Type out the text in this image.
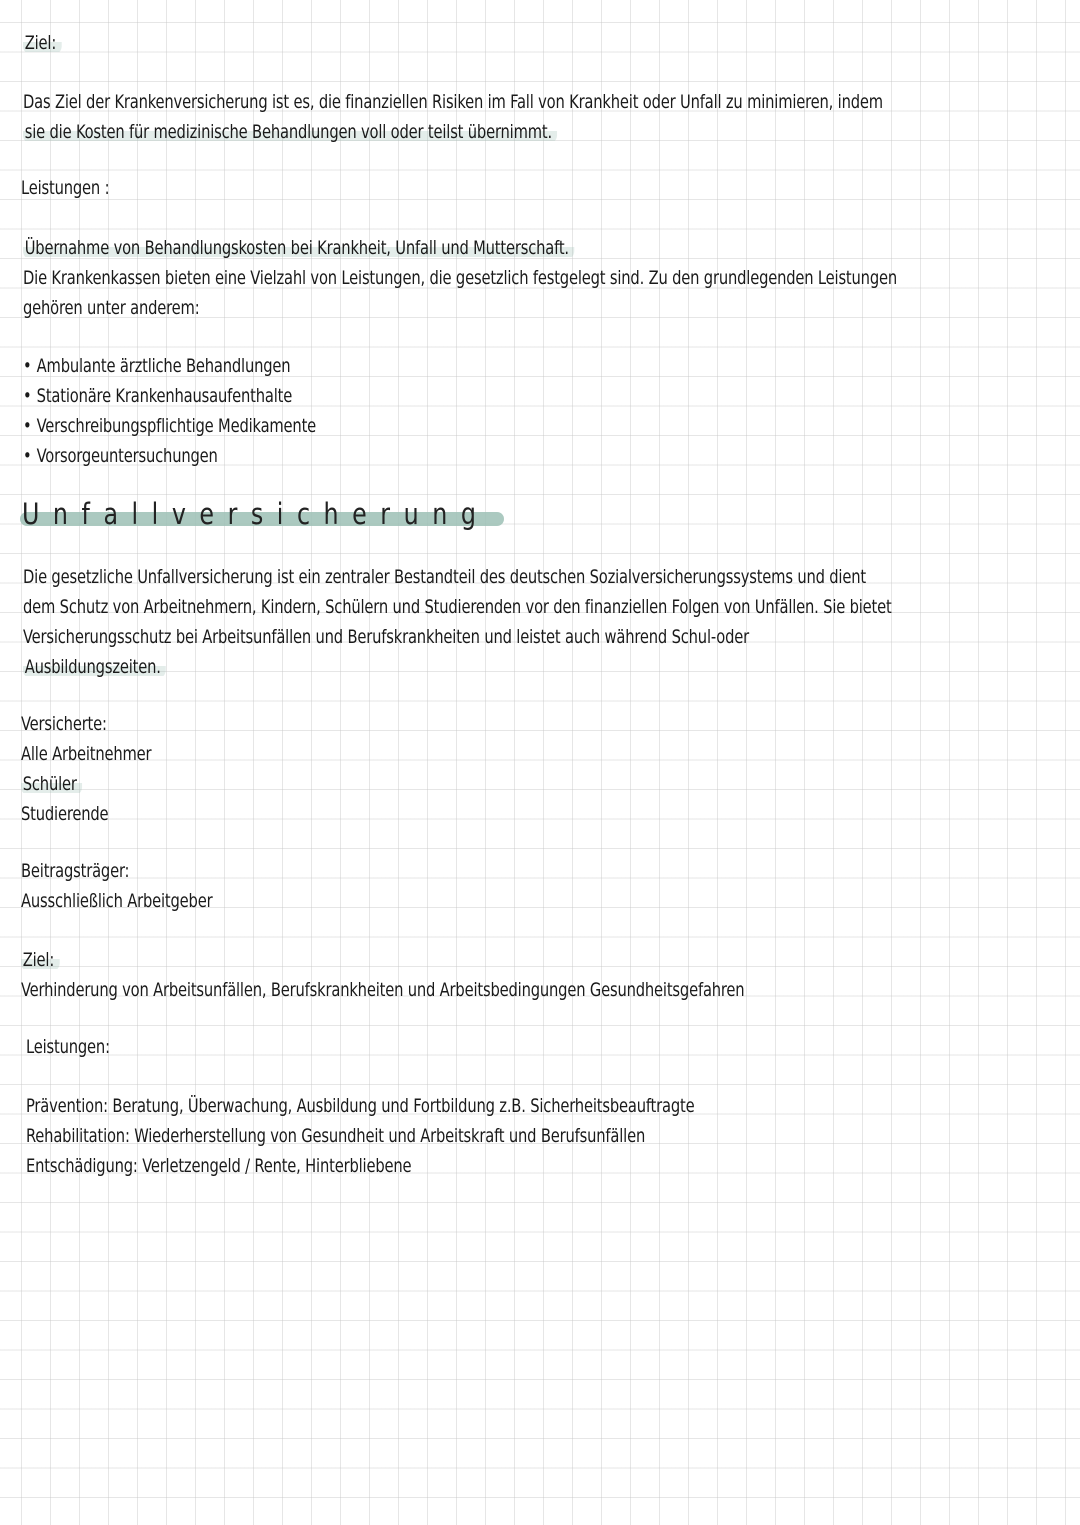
Ziel:
Das Ziel der Krankenversicherung ist es, die finanziellen Risiken im Fall von Krankheit oder Unfall zu minimieren, indem
sie die Kosten für medizinische Behandlungen voll oder teilst übernimmt.
Leistungen :
Übernahme von Behandlungskosten bei Krankheit, Unfall und Mutterschaft.
Die Krankenkassen bieten eine Vielzahl von Leistungen, die gesetzlich festgelegt sind. Zu den grundlegenden Leistungen
gehören unter anderem:
• Ambulante ärztliche Behandlungen
• Stationäre Krankenhausaufenthalte
• Verschreibungspflichtige Medikamente
• Vorsorgeuntersuchungen
Unfallversicherung
Die gesetzliche Unfallversicherung ist ein zentraler Bestandteil des deutschen Sozialversicherungssystems und dient
dem Schutz von Arbeitnehmern, Kindern, Schülern und Studierenden vor den finanziellen Folgen von Unfällen. Sie bietet
Versicherungsschutz bei Arbeitsunfällen und Berufskrankheiten und leistet auch während Schul-oder
Ausbildungszeiten.
Versicherte:
Alle Arbeitnehmer
Schüler
Studierende
Beitragsträger:
Ausschließlich Arbeitgeber
Ziel:
Verhinderung von Arbeitsunfällen, Berufskrankheiten und Arbeitsbedingungen Gesundheitsgefahren
Leistungen:
Prävention: Beratung, Überwachung, Ausbildung und Fortbildung z.B. Sicherheitsbeauftragte
Rehabilitation: Wiederherstellung von Gesundheit und Arbeitskraft und Berufsunfällen
Entschädigung: Verletzengeld / Rente, Hinterbliebene
